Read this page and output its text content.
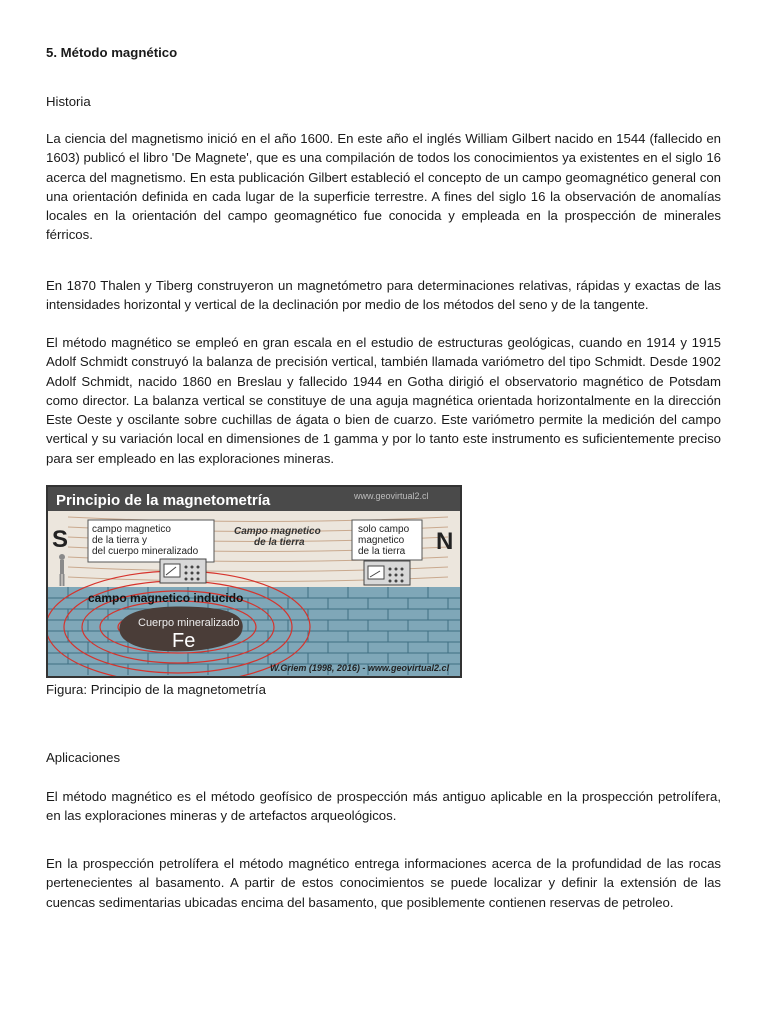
5. Método magnético
Historia

La ciencia del magnetismo inició en el año 1600. En este año el inglés William Gilbert nacido en 1544 (fallecido en 1603) publicó el libro 'De Magnete', que es una compilación de todos los conocimientos ya existentes en el siglo 16 acerca del magnetismo. En esta publicación Gilbert estableció el concepto de un campo geomagnético general con una orientación definida en cada lugar de la superficie terrestre. A fines del siglo 16 la observación de anomalías locales en la orientación del campo geomagnético fue conocida y empleada en la prospección de minerales férricos.

En 1870 Thalen y Tiberg construyeron un magnetómetro para determinaciones relativas, rápidas y exactas de las intensidades horizontal y vertical de la declinación por medio de los métodos del seno y de la tangente.

El método magnético se empleó en gran escala en el estudio de estructuras geológicas, cuando en 1914 y 1915 Adolf Schmidt construyó la balanza de precisión vertical, también llamada variómetro del tipo Schmidt. Desde 1902 Adolf Schmidt, nacido 1860 en Breslau y fallecido 1944 en Gotha dirigió el observatorio magnético de Potsdam como director. La balanza vertical se constituye de una aguja magnética orientada horizontalmente en la dirección Este Oeste y oscilante sobre cuchillas de ágata o bien de cuarzo. Este variómetro permite la medición del campo vertical y su variación local en dimensiones de 1 gamma y por lo tanto este instrumento es suficientemente preciso para ser empleado en las exploraciones mineras.

Principio de la magnetometría	www.geovirtual2.cl
S	N
campo magnetico
de la tierra y
del cuerpo mineralizado
Campo magnetico
de la tierra
solo campo
magnetico
de la tierra
campo magnetico inducido
Cuerpo mineralizado
Fe
W.Griem (1998, 2016) - www.geovirtual2.cl
Figura: Principio de la magnetometría
Aplicaciones

El método magnético es el método geofísico de prospección más antiguo aplicable en la prospección petrolífera, en las exploraciones mineras y de artefactos arqueológicos.

En la prospección petrolífera el método magnético entrega informaciones acerca de la profundidad de las rocas pertenecientes al basamento. A partir de estos conocimientos se puede localizar y definir la extensión de las cuencas sedimentarias ubicadas encima del basamento, que posiblemente contienen reservas de petroleo.
